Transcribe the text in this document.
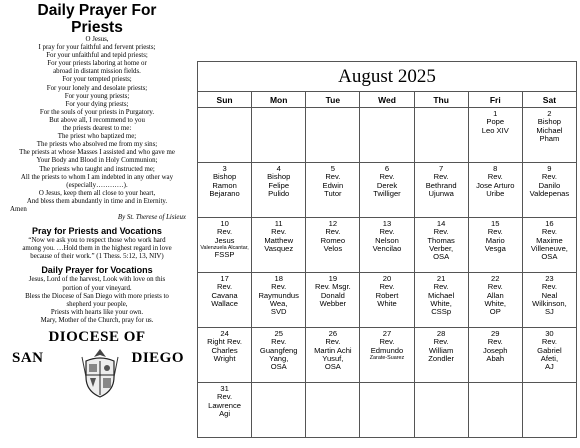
Daily Prayer For

Priests

O Jesus,
I pray for your faithful and fervent priests;
For your unfaithful and tepid priests;
For your priests laboring at home or
abroad in distant mission fields.
For your tempted priests;
For your lonely and desolate priests;
For your young priests;
For your dying priests;
For the souls of your priests in Purgatory.
But above all, I recommend to you
the priests dearest to me:
The priest who baptized me;
The priests who absolved me from my sins;
The priests at whose Masses I assisted and who gave me
Your Body and Blood in Holy Communion;
The priests who taught and instructed me;
All the priests to whom I am indebted in any other way
(especially…………).
O Jesus, keep them all close to your heart,
And bless them abundantly in time and in Eternity.
Amen
By St. Therese of Lisieux

Pray for Priests and Vocations

“Now we ask you to respect those who work hard
among you. …Hold them in the highest regard in love
because of their work.” (1 Thess. 5:12, 13, NIV)

Daily Prayer for Vocations

Jesus, Lord of the harvest, Look with love on this
portion of your vineyard.
Bless the Diocese of San Diego with more priests to
shepherd your people,
Priests with hearts like your own.
Mary, Mother of the Church, pray for us.
DIOCESE OF
SAN	DIEGO
August 2025						
Sun	Mon	Tue	Wed	Thu	Fri	Sat

					1
Pope
Leo XIV	2
Bishop
Michael
Pham

3
Bishop
Ramon
Bejarano	4
Bishop
Felipe
Pulido	5
Rev.
Edwin
Tutor	6
Rev.
Derek
Twilliger	7
Rev.
Bethrand
Ujunwa	8
Rev.
Jose Arturo
Uribe	9
Rev.
Danilo
Valdepenas

10
Rev.
Jesus
Valenzuela Alcantar,
FSSP	11
Rev.
Matthew
Vasquez	12
Rev.
Romeo
Velos	13
Rev.
Nelson
Vencilao	14
Rev.
Thomas
Verber,
OSA	15
Rev.
Mario
Vesga	16
Rev.
Maxime
Villeneuve,
OSA

17
Rev.
Cavana
Wallace	18
Rev.
Raymundus
Wea,
SVD	19
Rev. Msgr.
Donald
Webber	20
Rev.
Robert
White	21
Rev.
Michael
White,
CSSp	22
Rev.
Allan
White,
OP	23
Rev.
Neal
Wilkinson,
SJ

24
Right Rev.
Charles
Wright	25
Rev.
Guangfeng
Yang,
OSA	26
Rev.
Martin Achi
Yusuf,
OSA	27
Rev.
Edmundo
Zarate-Suarez	28
Rev.
William
Zondler	29
Rev.
Joseph
Abah	30
Rev.
Gabriel
Afeti,
AJ

31
Rev.
Lawrence
Agi						
